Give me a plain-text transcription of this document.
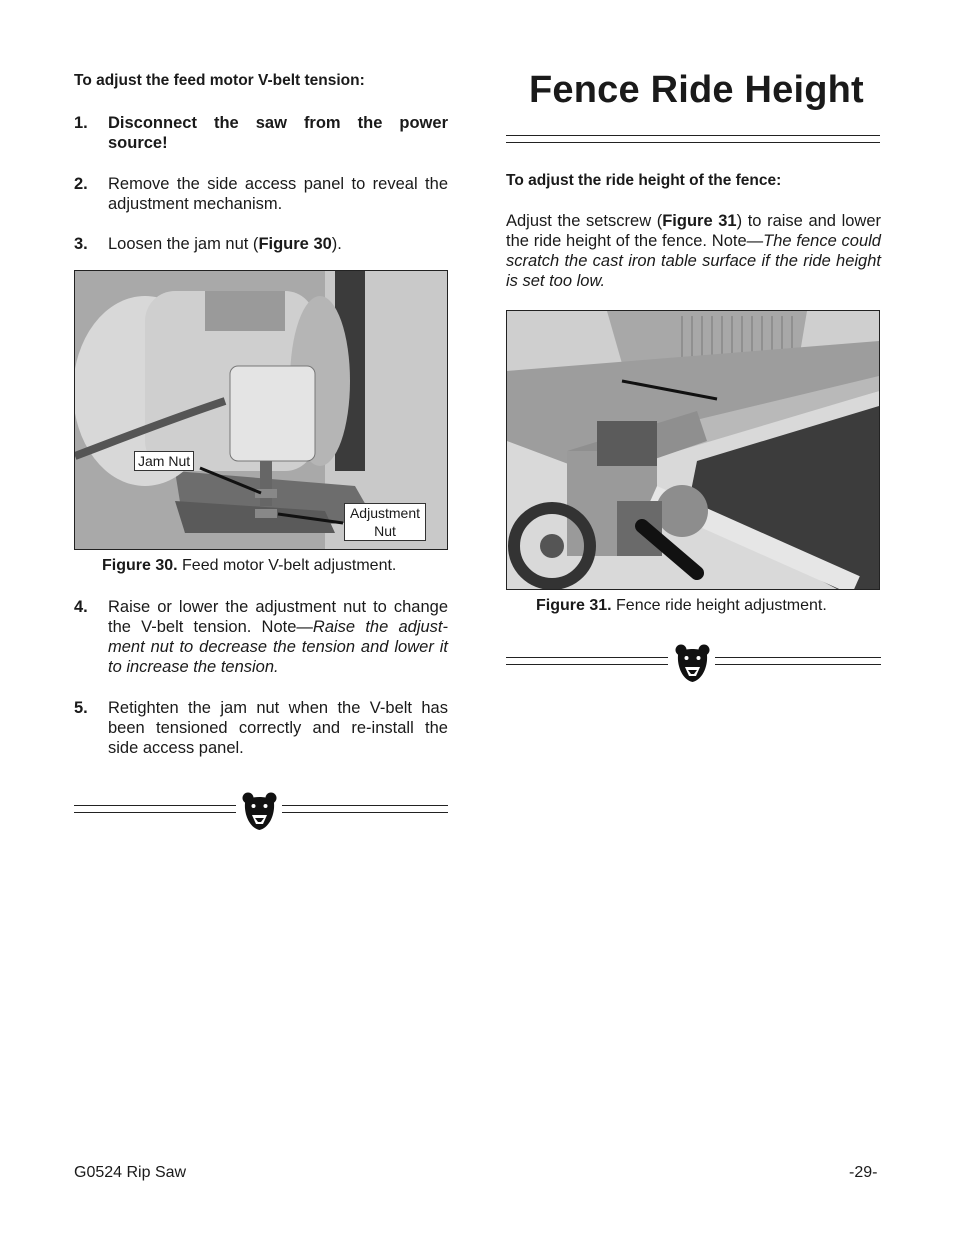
To adjust the feed motor V-belt tension:
1. Disconnect the saw from the power source!
2. Remove the side access panel to reveal the adjustment mechanism.
3. Loosen the jam nut (Figure 30).
Jam Nut
Adjustment
Nut
Figure 30. Feed motor V-belt adjustment.
4. Raise or lower the adjustment nut to change the V-belt tension. Note—Raise the adjust-ment nut to decrease the tension and lower it to increase the tension.
5. Retighten the jam nut when the V-belt has been tensioned correctly and re-install the side access panel.
Fence Ride Height
To adjust the ride height of the fence:
Adjust the setscrew (Figure 31) to raise and lower the ride height of the fence. Note—The fence could scratch the cast iron table surface if the ride height is set too low.
Figure 31. Fence ride height adjustment.
G0524 Rip Saw	-29-
